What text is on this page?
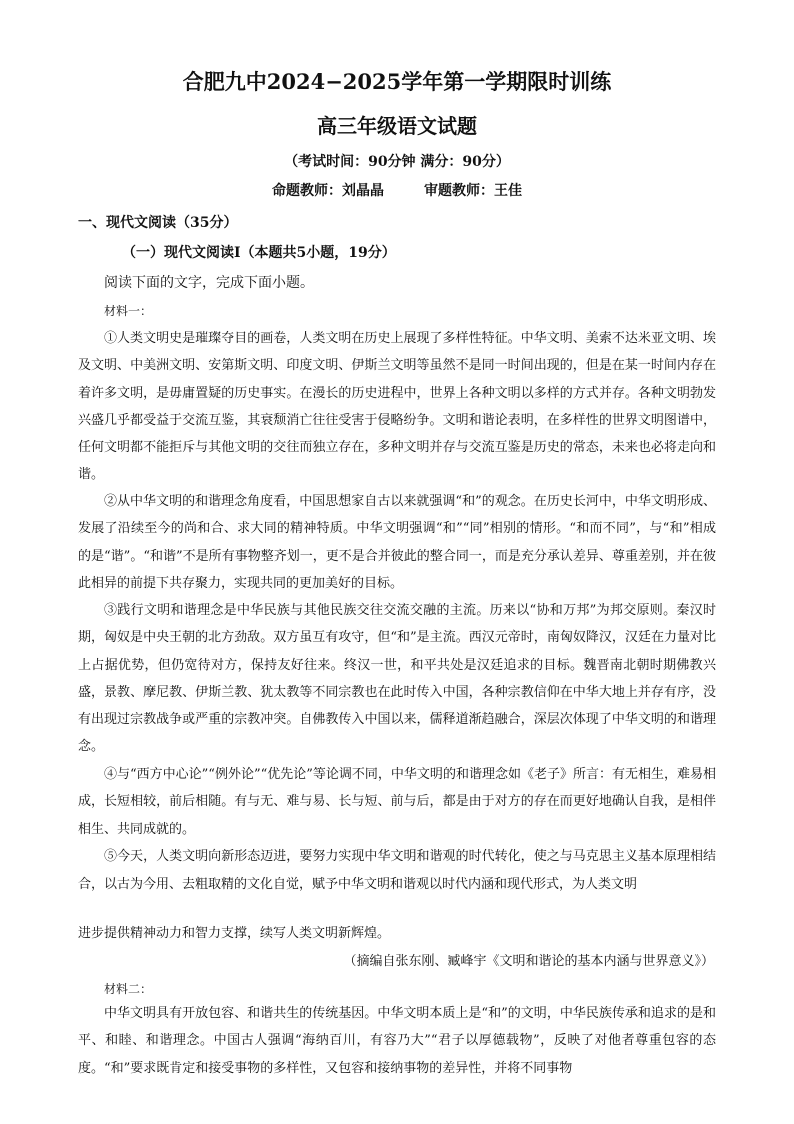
合肥九中2024−2025学年第一学期限时训练
高三年级语文试题
（考试时间：90分钟 满分：90分）
命题教师：刘晶晶	审题教师：王佳
一、现代文阅读（35分）
（一）现代文阅读Ⅰ（本题共5小题，19分）
阅读下面的文字，完成下面小题。
材料一：

①人类文明史是璀璨夺目的画卷，人类文明在历史上展现了多样性特征。中华文明、美索不达米亚文明、埃及文明、中美洲文明、安第斯文明、印度文明、伊斯兰文明等虽然不是同一时间出现的，但是在某一时间内存在着许多文明，是毋庸置疑的历史事实。在漫长的历史进程中，世界上各种文明以多样的方式并存。各种文明勃发兴盛几乎都受益于交流互鉴，其衰颓消亡往往受害于侵略纷争。文明和谐论表明，在多样性的世界文明图谱中，任何文明都不能拒斥与其他文明的交往而独立存在，多种文明并存与交流互鉴是历史的常态，未来也必将走向和谐。

②从中华文明的和谐理念角度看，中国思想家自古以来就强调“和”的观念。在历史长河中，中华文明形成、发展了沿续至今的尚和合、求大同的精神特质。中华文明强调“和”“同”相别的情形。“和而不同”，与“和”相成的是“谐”。“和谐”不是所有事物整齐划一，更不是合并彼此的整合同一，而是充分承认差异、尊重差别，并在彼此相异的前提下共存聚力，实现共同的更加美好的目标。

③践行文明和谐理念是中华民族与其他民族交往交流交融的主流。历来以“协和万邦”为邦交原则。秦汉时期，匈奴是中央王朝的北方劲敌。双方虽互有攻守，但“和”是主流。西汉元帝时，南匈奴降汉，汉廷在力量对比上占据优势，但仍宽待对方，保持友好往来。终汉一世，和平共处是汉廷追求的目标。魏晋南北朝时期佛教兴盛，景教、摩尼教、伊斯兰教、犹太教等不同宗教也在此时传入中国，各种宗教信仰在中华大地上并存有序，没有出现过宗教战争或严重的宗教冲突。自佛教传入中国以来，儒释道渐趋融合，深层次体现了中华文明的和谐理念。

④与“西方中心论”“例外论”“优先论”等论调不同，中华文明的和谐理念如《老子》所言：有无相生，难易相成，长短相较，前后相随。有与无、难与易、长与短、前与后，都是由于对方的存在而更好地确认自我，是相伴相生、共同成就的。

⑤今天，人类文明向新形态迈进，要努力实现中华文明和谐观的时代转化，使之与马克思主义基本原理相结合，以古为今用、去粗取精的文化自觉，赋予中华文明和谐观以时代内涵和现代形式，为人类文明

进步提供精神动力和智力支撑，续写人类文明新辉煌。
（摘编自张东刚、臧峰宇《文明和谐论的基本内涵与世界意义》）
材料二：

中华文明具有开放包容、和谐共生的传统基因。中华文明本质上是“和”的文明，中华民族传承和追求的是和平、和睦、和谐理念。中国古人强调“海纳百川，有容乃大”“君子以厚德载物”，反映了对他者尊重包容的态度。“和”要求既肯定和接受事物的多样性，又包容和接纳事物的差异性，并将不同事物
